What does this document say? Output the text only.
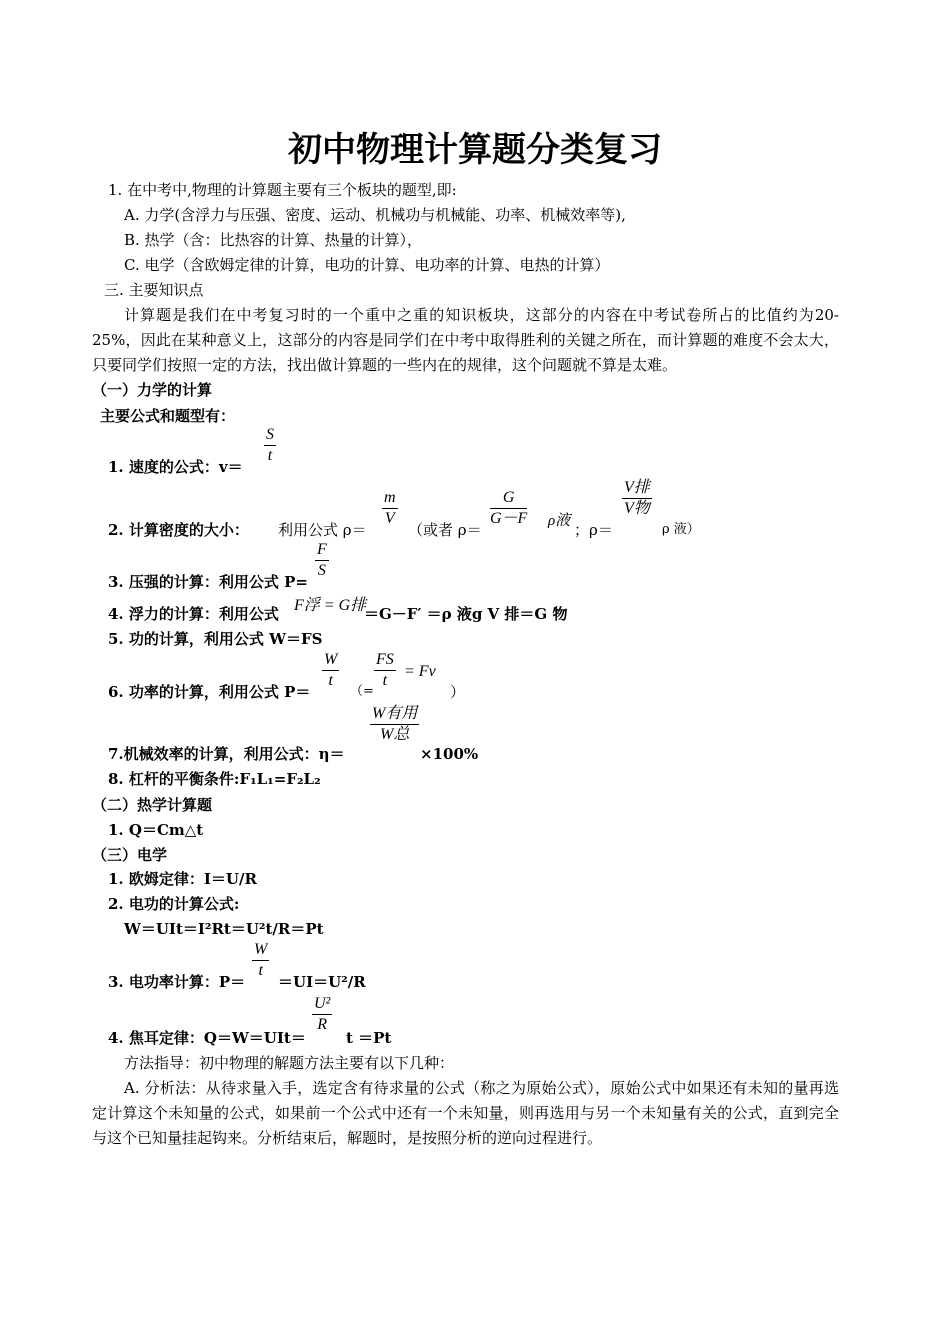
初中物理计算题分类复习
1. 在中考中,物理的计算题主要有三个板块的题型,即:
A. 力学(含浮力与压强、密度、运动、机械功与机械能、功率、机械效率等),
B. 热学（含：比热容的计算、热量的计算），
C. 电学（含欧姆定律的计算，电功的计算、电功率的计算、电热的计算）
三. 主要知识点
计算题是我们在中考复习时的一个重中之重的知识板块，这部分的内容在中考试卷所占的比值约为20-25%，因此在某种意义上，这部分的内容是同学们在中考中取得胜利的关键之所在，而计算题的难度不会太大，只要同学们按照一定的方法，找出做计算题的一些内在的规律，这个问题就不算是太难。
（一）力学的计算
主要公式和题型有：
1. 速度的公式：v＝
$\frac{S}{t}$
2. 计算密度的大小： 利用公式 ρ＝
$\frac{m}{V}$
（或者 ρ＝
$\frac{G}{G-F}$ ρ液 ；ρ＝
V排
V物
ρ 液）
3. 压强的计算：利用公式 P=
$\frac{F}{S}$
4. 浮力的计算：利用公式 F浮 = G排
＝G－F′ ＝ρ 液g V 排＝G 物
5. 功的计算，利用公式 W＝FS
6. 功率的计算，利用公式 P＝
$\frac{W}{t}$
（=
$\frac{FS}{t} = Fv$
）
7.机械效率的计算，利用公式：η＝
W有用
W总
×100%
8. 杠杆的平衡条件:F₁L₁=F₂L₂
（二）热学计算题
1. Q＝Cm△t
（三）电学
1. 欧姆定律：I＝U/R
2. 电功的计算公式:
W＝UIt＝I²Rt＝U²t/R＝Pt
3. 电功率计算：P＝
$\frac{W}{t}$
＝UI＝U²/R
4. 焦耳定律：Q＝W＝UIt＝
$\frac{\text{U²}}{R}$
t ＝Pt
方法指导：初中物理的解题方法主要有以下几种：
A. 分析法：从待求量入手，选定含有待求量的公式（称之为原始公式），原始公式中如果还有未知的量再选定计算这个未知量的公式，如果前一个公式中还有一个未知量，则再选用与另一个未知量有关的公式，直到完全与这个已知量挂起钩来。分析结束后，解题时，是按照分析的逆向过程进行。
